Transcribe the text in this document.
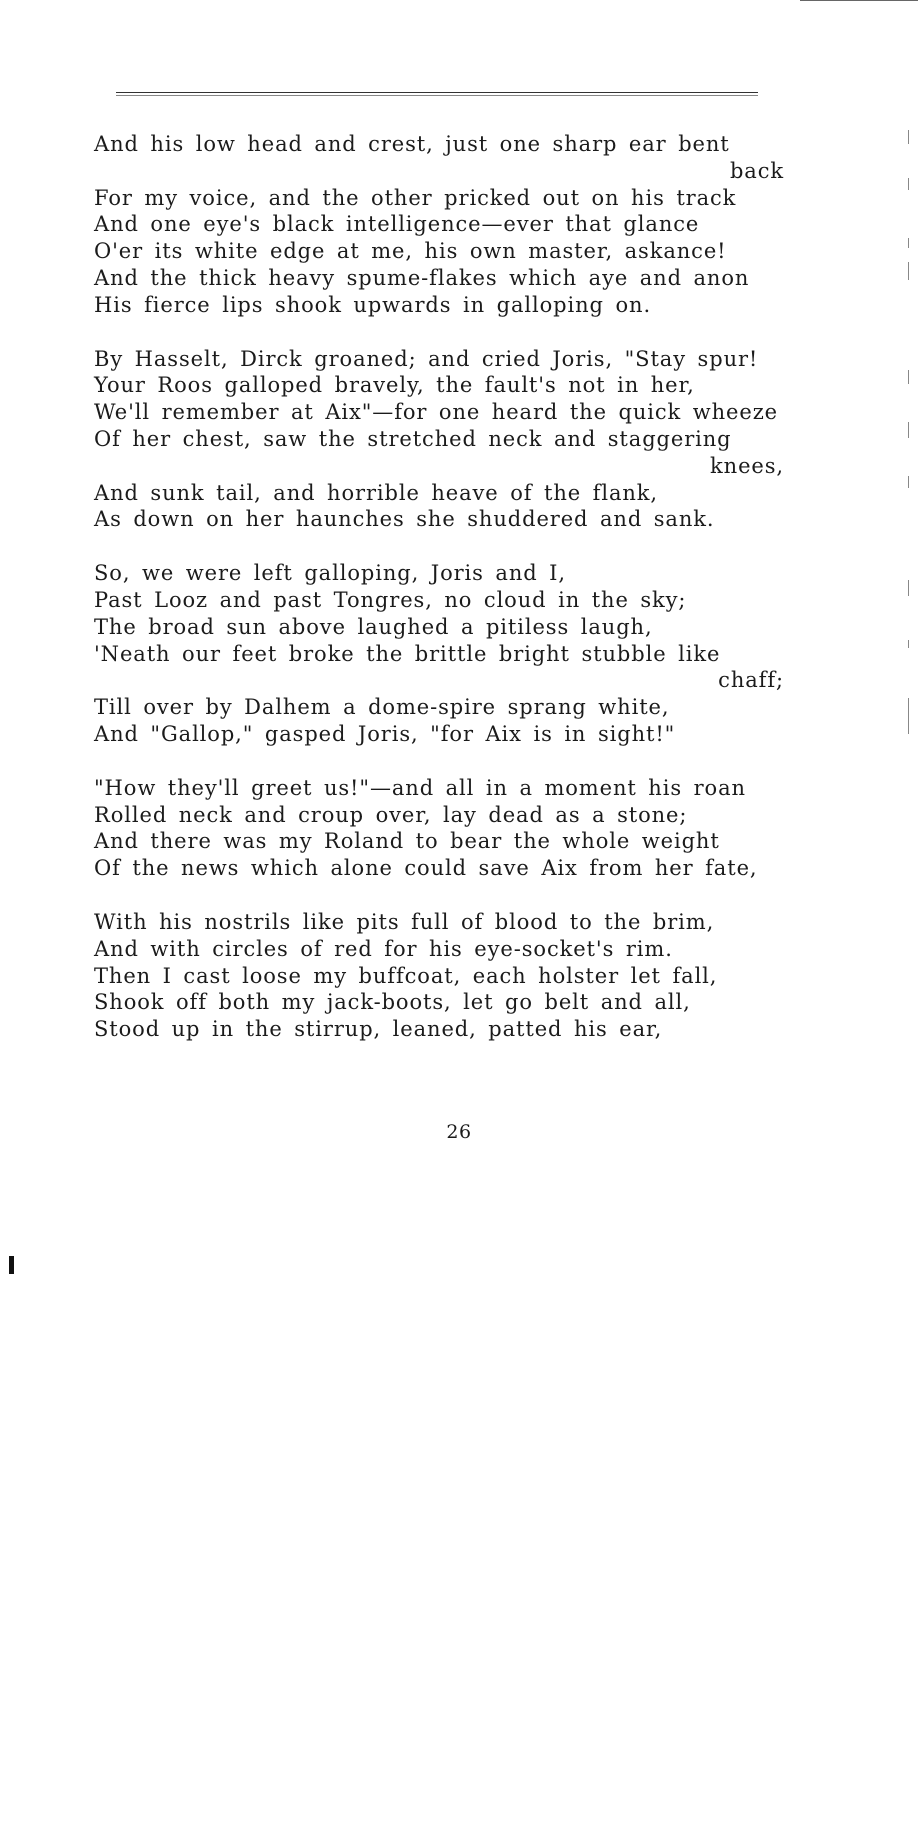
And his low head and crest, just one sharp ear bent
back
For my voice, and the other pricked out on his track
And one eye's black intelligence—ever that glance
O'er its white edge at me, his own master, askance!
And the thick heavy spume-flakes which aye and anon
His fierce lips shook upwards in galloping on.
By Hasselt, Dirck groaned; and cried Joris, "Stay spur!
Your Roos galloped bravely, the fault's not in her,
We'll remember at Aix"—for one heard the quick wheeze
Of her chest, saw the stretched neck and staggering
knees,
And sunk tail, and horrible heave of the flank,
As down on her haunches she shuddered and sank.
So, we were left galloping, Joris and I,
Past Looz and past Tongres, no cloud in the sky;
The broad sun above laughed a pitiless laugh,
'Neath our feet broke the brittle bright stubble like
chaff;
Till over by Dalhem a dome-spire sprang white,
And "Gallop," gasped Joris, "for Aix is in sight!"
"How they'll greet us!"—and all in a moment his roan
Rolled neck and croup over, lay dead as a stone;
And there was my Roland to bear the whole weight
Of the news which alone could save Aix from her fate,
With his nostrils like pits full of blood to the brim,
And with circles of red for his eye-socket's rim.
Then I cast loose my buffcoat, each holster let fall,
Shook off both my jack-boots, let go belt and all,
Stood up in the stirrup, leaned, patted his ear,
26
